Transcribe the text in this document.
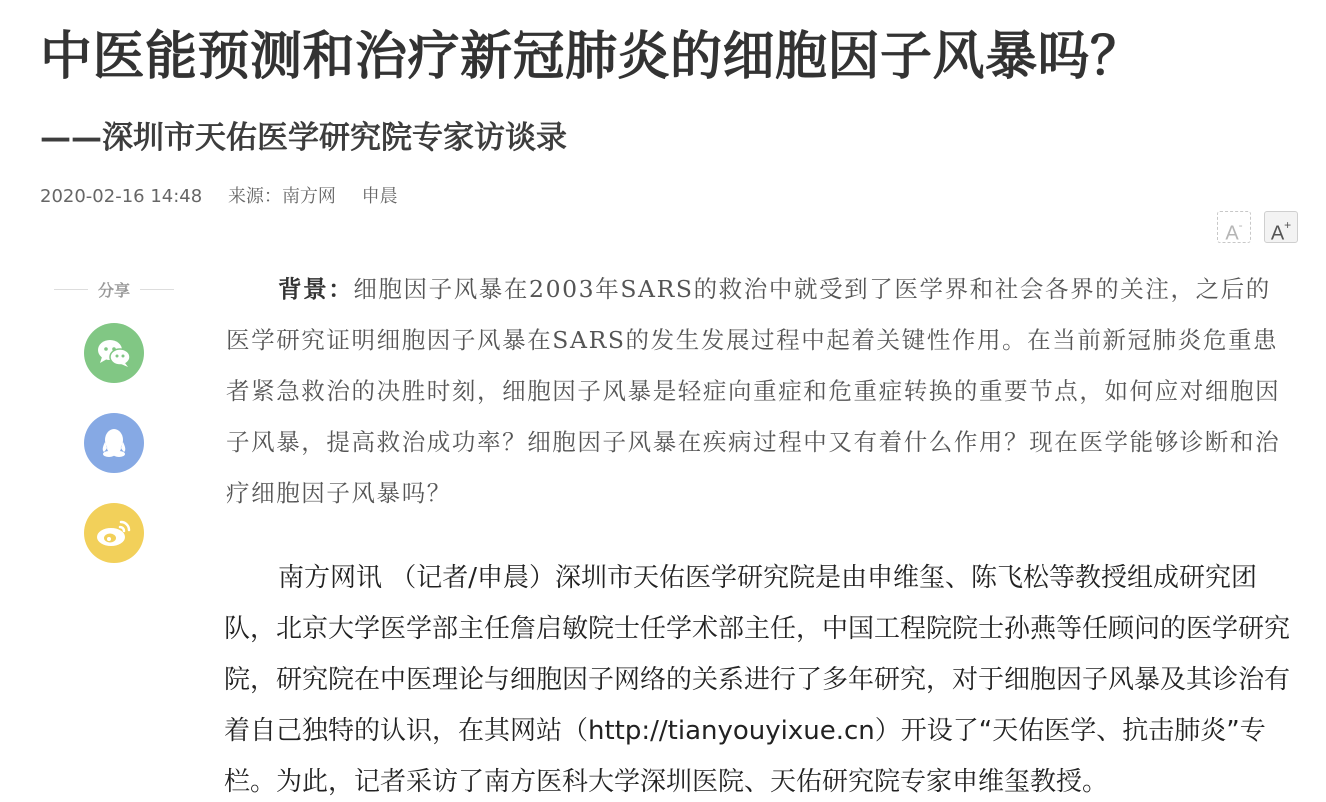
中医能预测和治疗新冠肺炎的细胞因子风暴吗？
——深圳市天佑医学研究院专家访谈录
2020-02-16 14:48 来源：南方网 申晨
A-	A+
分享	背景：细胞因子风暴在2003年SARS的救治中就受到了医学界和社会各界的关注，之后的医学研究证明细胞因子风暴在SARS的发生发展过程中起着关键性作用。在当前新冠肺炎危重患者紧急救治的决胜时刻，细胞因子风暴是轻症向重症和危重症转换的重要节点，如何应对细胞因子风暴，提高救治成功率？细胞因子风暴在疾病过程中又有着什么作用？现在医学能够诊断和治疗细胞因子风暴吗？

南方网讯 （记者/申晨）深圳市天佑医学研究院是由申维玺、陈飞松等教授组成研究团队，北京大学医学部主任詹启敏院士任学术部主任，中国工程院院士孙燕等任顾问的医学研究院，研究院在中医理论与细胞因子网络的关系进行了多年研究，对于细胞因子风暴及其诊治有着自己独特的认识，在其网站（http://tianyouyixue.cn）开设了“天佑医学、抗击肺炎”专栏。为此，记者采访了南方医科大学深圳医院、天佑研究院专家申维玺教授。
